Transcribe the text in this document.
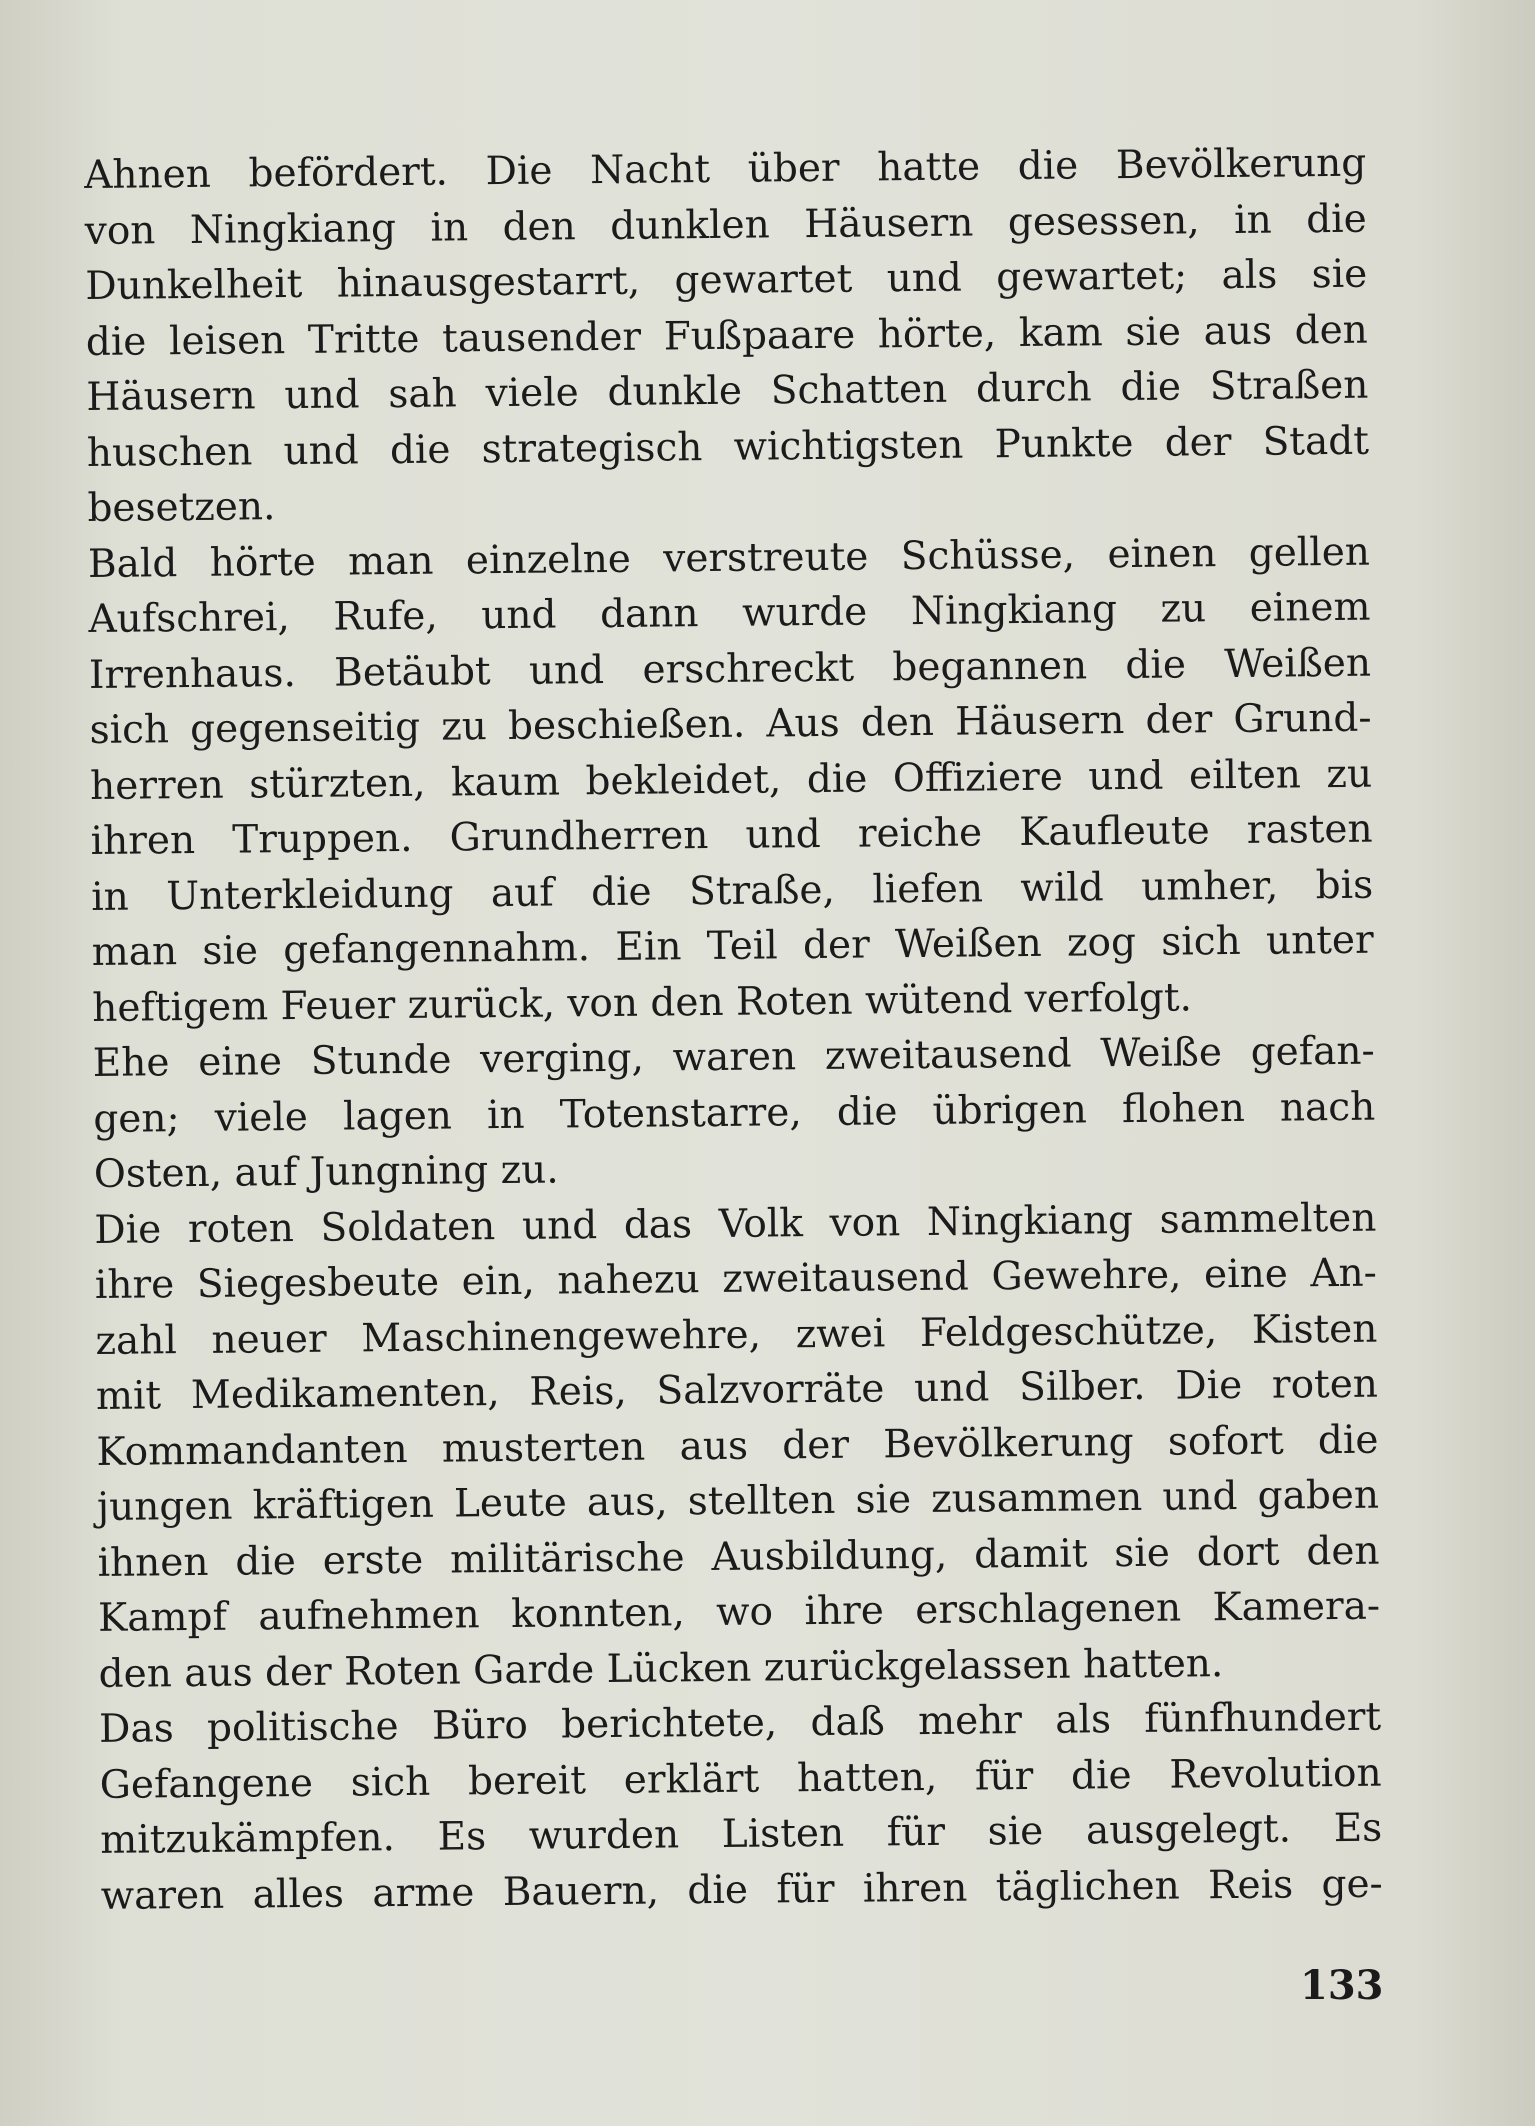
Ahnen befördert. Die Nacht über hatte die Bevölkerung
von Ningkiang in den dunklen Häusern gesessen, in die
Dunkelheit hinausgestarrt, gewartet und gewartet; als sie
die leisen Tritte tausender Fußpaare hörte, kam sie aus den
Häusern und sah viele dunkle Schatten durch die Straßen
huschen und die strategisch wichtigsten Punkte der Stadt
besetzen.
Bald hörte man einzelne verstreute Schüsse, einen gellen
Aufschrei, Rufe, und dann wurde Ningkiang zu einem
Irrenhaus. Betäubt und erschreckt begannen die Weißen
sich gegenseitig zu beschießen. Aus den Häusern der Grund-
herren stürzten, kaum bekleidet, die Offiziere und eilten zu
ihren Truppen. Grundherren und reiche Kaufleute rasten
in Unterkleidung auf die Straße, liefen wild umher, bis
man sie gefangennahm. Ein Teil der Weißen zog sich unter
heftigem Feuer zurück, von den Roten wütend verfolgt.
Ehe eine Stunde verging, waren zweitausend Weiße gefan-
gen; viele lagen in Totenstarre, die übrigen flohen nach
Osten, auf Jungning zu.
Die roten Soldaten und das Volk von Ningkiang sammelten
ihre Siegesbeute ein, nahezu zweitausend Gewehre, eine An-
zahl neuer Maschinengewehre, zwei Feldgeschütze, Kisten
mit Medikamenten, Reis, Salzvorräte und Silber. Die roten
Kommandanten musterten aus der Bevölkerung sofort die
jungen kräftigen Leute aus, stellten sie zusammen und gaben
ihnen die erste militärische Ausbildung, damit sie dort den
Kampf aufnehmen konnten, wo ihre erschlagenen Kamera-
den aus der Roten Garde Lücken zurückgelassen hatten.
Das politische Büro berichtete, daß mehr als fünfhundert
Gefangene sich bereit erklärt hatten, für die Revolution
mitzukämpfen. Es wurden Listen für sie ausgelegt. Es
waren alles arme Bauern, die für ihren täglichen Reis ge-
133
